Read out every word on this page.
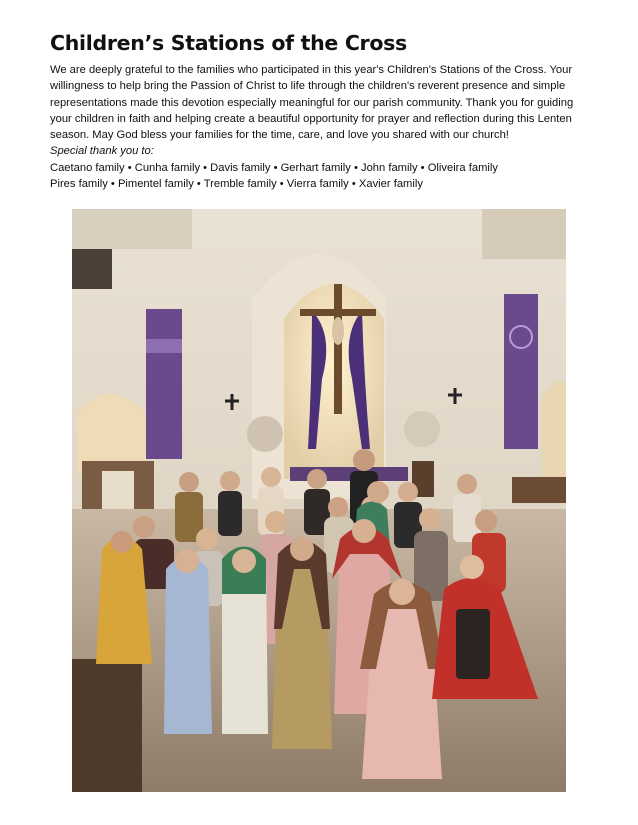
Children’s Stations of the Cross

We are deeply grateful to the families who participated in this year's Children's Stations of the Cross. Your willingness to help bring the Passion of Christ to life through the children's reverent presence and simple representations made this devotion especially meaningful for our parish community. Thank you for guiding your children in faith and helping create a beautiful opportunity for prayer and reflection during this Lenten season. May God bless your families for the time, care, and love you shared with our church!

Special thank you to:

Caetano family • Cunha family • Davis family • Gerhart family • John family • Oliveira family

Pires family • Pimentel family • Tremble family • Vierra family • Xavier family
